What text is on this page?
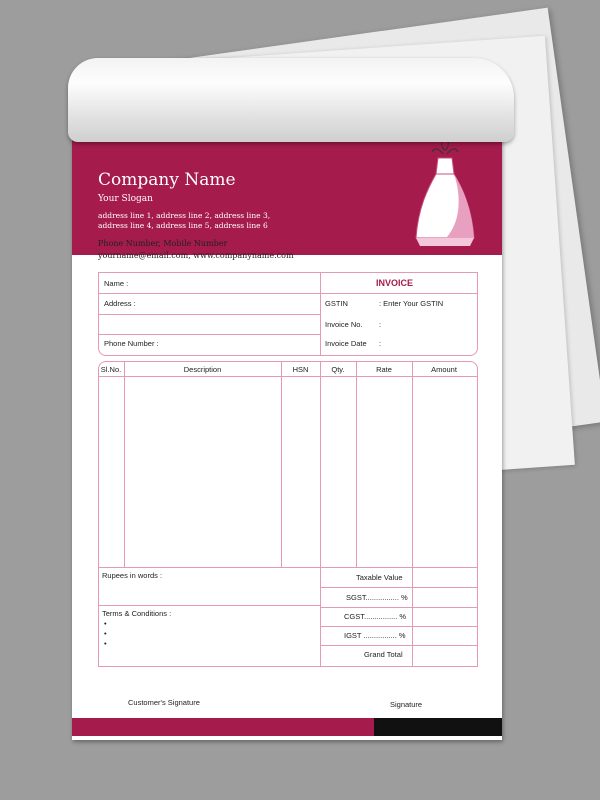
Company Name
Your Slogan
address line 1, address line 2, address line 3,
address line 4, address line 5, address line 6
Phone Number, Mobile Number
yourname@email.com, www.companyname.com
Name :
Address :
Phone Number :
INVOICE
GSTIN	: Enter Your GSTIN
Invoice No. :
Invoice Date :
Sl.No.	Description	HSN	Qty.	Rate	Amount
Rupees in words :
Terms & Conditions :
•
•
•
Taxable Value
SGST................ %
CGST................ %
IGST ................ %
Grand Total
Customer's Signature	Signature
